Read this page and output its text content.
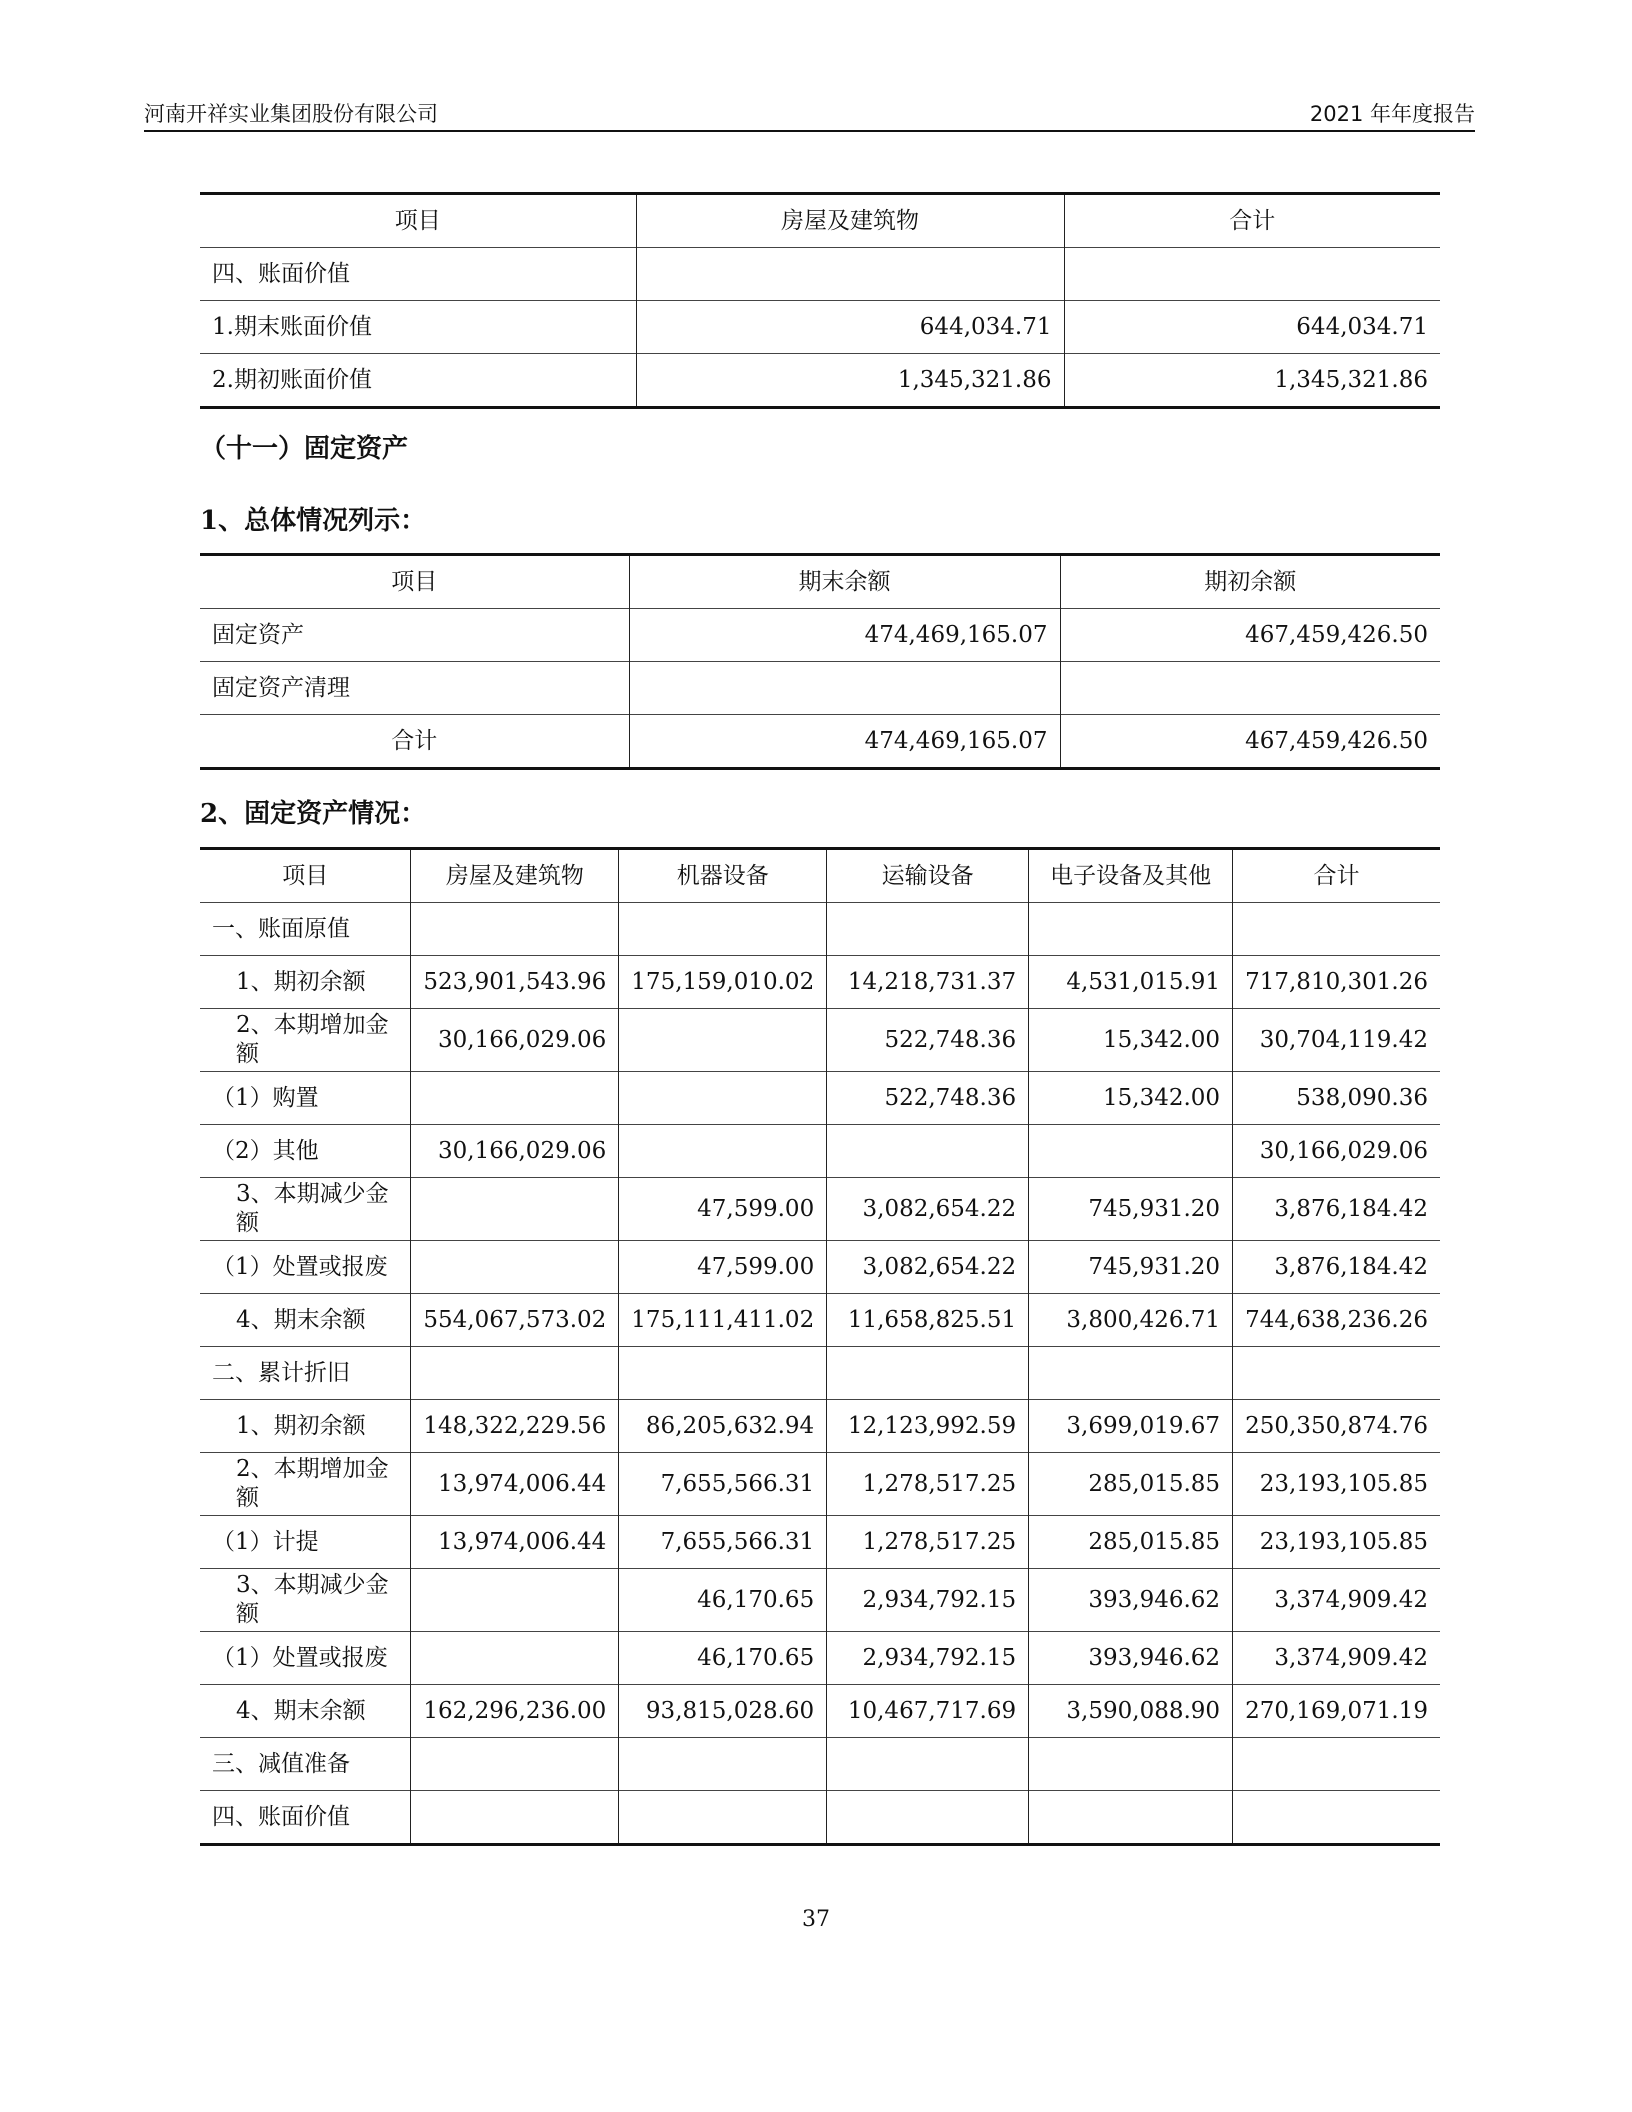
河南开祥实业集团股份有限公司	2021 年年度报告
项目	房屋及建筑物	合计
四、账面价值		
1.期末账面价值	644,034.71	644,034.71
2.期初账面价值	1,345,321.86	1,345,321.86
（十一）固定资产
1、总体情况列示：
项目	期末余额	期初余额
固定资产	474,469,165.07	467,459,426.50
固定资产清理		
合计	474,469,165.07	467,459,426.50
2、固定资产情况：
项目	房屋及建筑物	机器设备	运输设备	电子设备及其他	合计
一、账面原值					
1、期初余额	523,901,543.96	175,159,010.02	14,218,731.37	4,531,015.91	717,810,301.26
2、本期增加金额	30,166,029.06		522,748.36	15,342.00	30,704,119.42
（1）购置			522,748.36	15,342.00	538,090.36
（2）其他	30,166,029.06				30,166,029.06
3、本期减少金额		47,599.00	3,082,654.22	745,931.20	3,876,184.42
（1）处置或报废		47,599.00	3,082,654.22	745,931.20	3,876,184.42
4、期末余额	554,067,573.02	175,111,411.02	11,658,825.51	3,800,426.71	744,638,236.26
二、累计折旧					
1、期初余额	148,322,229.56	86,205,632.94	12,123,992.59	3,699,019.67	250,350,874.76
2、本期增加金额	13,974,006.44	7,655,566.31	1,278,517.25	285,015.85	23,193,105.85
（1）计提	13,974,006.44	7,655,566.31	1,278,517.25	285,015.85	23,193,105.85
3、本期减少金额		46,170.65	2,934,792.15	393,946.62	3,374,909.42
（1）处置或报废		46,170.65	2,934,792.15	393,946.62	3,374,909.42
4、期末余额	162,296,236.00	93,815,028.60	10,467,717.69	3,590,088.90	270,169,071.19
三、减值准备					
四、账面价值					
37
